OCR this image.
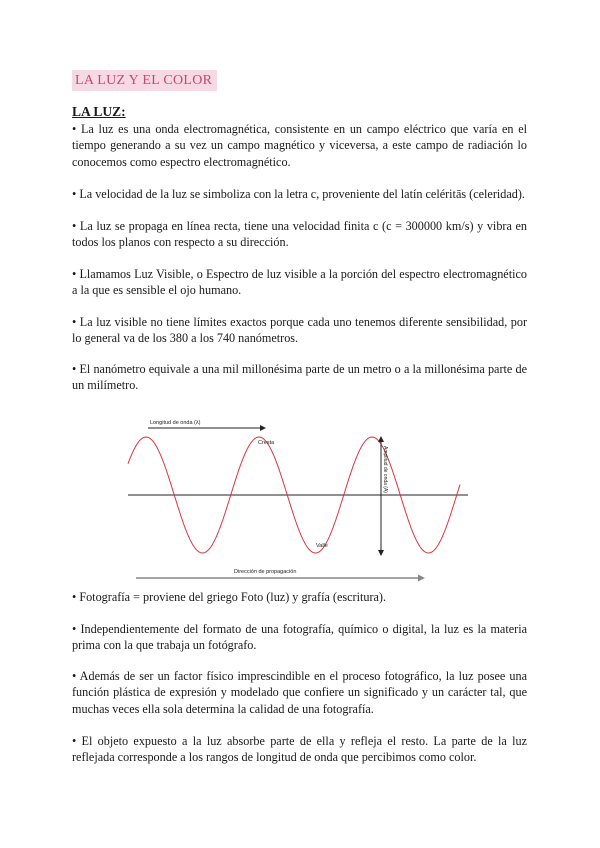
LA LUZ Y EL COLOR
LA LUZ:

• La luz es una onda electromagnética, consistente en un campo eléctrico que varía en el tiempo generando a su vez un campo magnético y viceversa, a este campo de radiación lo conocemos como espectro electromagnético.

• La velocidad de la luz se simboliza con la letra c, proveniente del latín celéritās (celeridad).

• La luz se propaga en línea recta, tiene una velocidad finita c (c = 300000 km/s) y vibra en todos los planos con respecto a su dirección.

• Llamamos Luz Visible, o Espectro de luz visible a la porción del espectro electromagnético a la que es sensible el ojo humano.

• La luz visible no tiene límites exactos porque cada uno tenemos diferente sensibilidad, por lo general va de los 380 a los 740 nanómetros.

• El nanómetro equivale a una mil millonésima parte de un metro o a la millonésima parte de un milímetro.

Longitud de onda (λ)
Cresta
Valle
Amplitud de onda (A)
Dirección de propagación

• Fotografía = proviene del griego Foto (luz) y grafía (escritura).

• Independientemente del formato de una fotografía, químico o digital, la luz es la materia prima con la que trabaja un fotógrafo.

• Además de ser un factor físico imprescindible en el proceso fotográfico, la luz posee una función plástica de expresión y modelado que confiere un significado y un carácter tal, que muchas veces ella sola determina la calidad de una fotografía.

• El objeto expuesto a la luz absorbe parte de ella y refleja el resto. La parte de la luz reflejada corresponde a los rangos de longitud de onda que percibimos como color.
